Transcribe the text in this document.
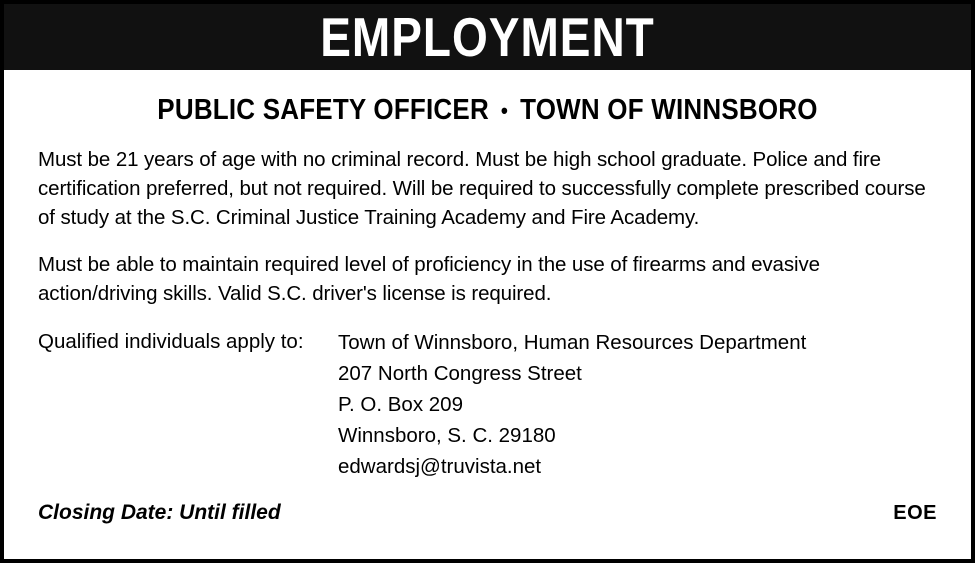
EMPLOYMENT
PUBLIC SAFETY OFFICER • TOWN OF WINNSBORO

Must be 21 years of age with no criminal record. Must be high school graduate. Police and fire certification preferred, but not required. Will be required to successfully complete prescribed course of study at the S.C. Criminal Justice Training Academy and Fire Academy.

Must be able to maintain required level of proficiency in the use of firearms and evasive action/driving skills. Valid S.C. driver's license is required.

Qualified individuals apply to:	Town of Winnsboro, Human Resources Department
207 North Congress Street
P. O. Box 209
Winnsboro, S. C. 29180
edwardsj@truvista.net
Closing Date: Until filled	EOE
